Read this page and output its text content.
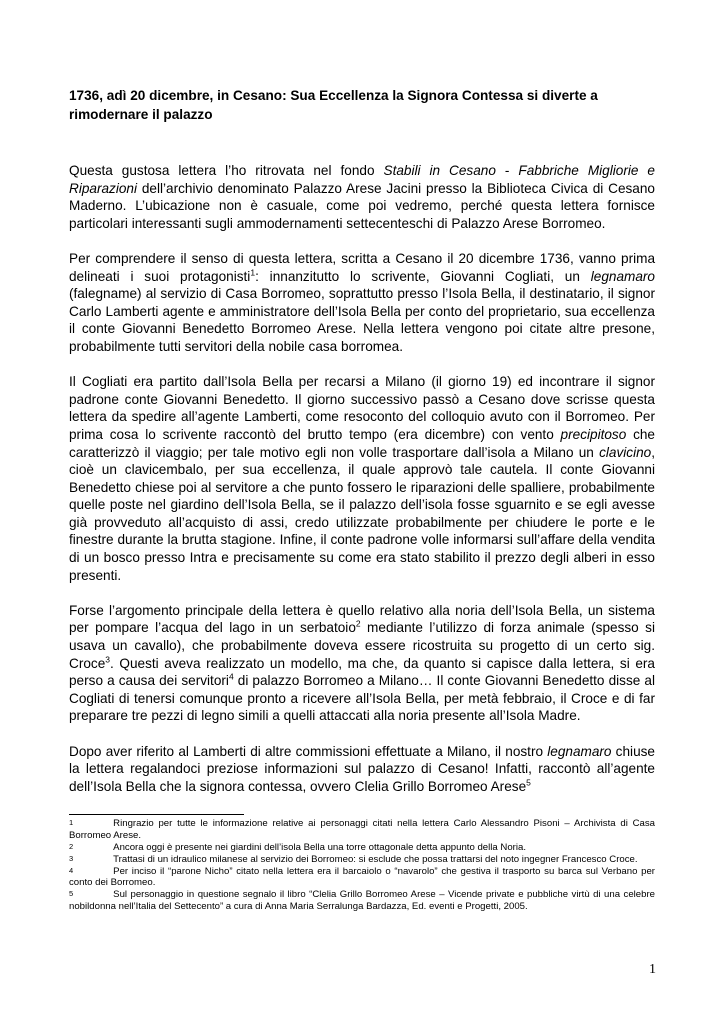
1736, adì 20 dicembre, in Cesano: Sua Eccellenza la Signora Contessa si diverte a rimodernare il palazzo

Questa gustosa lettera l’ho ritrovata nel fondo Stabili in Cesano - Fabbriche Migliorie e Riparazioni dell’archivio denominato Palazzo Arese Jacini presso la Biblioteca Civica di Cesano Maderno. L’ubicazione non è casuale, come poi vedremo, perché questa lettera fornisce particolari interessanti sugli ammodernamenti settecenteschi di Palazzo Arese Borromeo.

Per comprendere il senso di questa lettera, scritta a Cesano il 20 dicembre 1736, vanno prima delineati i suoi protagonisti$^1$: innanzitutto lo scrivente, Giovanni Cogliati, un legnamaro (falegname) al servizio di Casa Borromeo, soprattutto presso l’Isola Bella, il destinatario, il signor Carlo Lamberti agente e amministratore dell’Isola Bella per conto del proprietario, sua eccellenza il conte Giovanni Benedetto Borromeo Arese. Nella lettera vengono poi citate altre presone, probabilmente tutti servitori della nobile casa borromea.

Il Cogliati era partito dall’Isola Bella per recarsi a Milano (il giorno 19) ed incontrare il signor padrone conte Giovanni Benedetto. Il giorno successivo passò a Cesano dove scrisse questa lettera da spedire all’agente Lamberti, come resoconto del colloquio avuto con il Borromeo. Per prima cosa lo scrivente raccontò del brutto tempo (era dicembre) con vento precipitoso che caratterizzò il viaggio; per tale motivo egli non volle trasportare dall’isola a Milano un clavicino, cioè un clavicembalo, per sua eccellenza, il quale approvò tale cautela. Il conte Giovanni Benedetto chiese poi al servitore a che punto fossero le riparazioni delle spalliere, probabilmente quelle poste nel giardino dell’Isola Bella, se il palazzo dell’isola fosse sguarnito e se egli avesse già provveduto all’acquisto di assi, credo utilizzate probabilmente per chiudere le porte e le finestre durante la brutta stagione. Infine, il conte padrone volle informarsi sull’affare della vendita di un bosco presso Intra e precisamente su come era stato stabilito il prezzo degli alberi in esso presenti.

Forse l’argomento principale della lettera è quello relativo alla noria dell’Isola Bella, un sistema per pompare l’acqua del lago in un serbatoio$^2$ mediante l’utilizzo di forza animale (spesso si usava un cavallo), che probabilmente doveva essere ricostruita su progetto di un certo sig. Croce$^3$. Questi aveva realizzato un modello, ma che, da quanto si capisce dalla lettera, si era perso a causa dei servitori$^4$ di palazzo Borromeo a Milano… Il conte Giovanni Benedetto disse al Cogliati di tenersi comunque pronto a ricevere all’Isola Bella, per metà febbraio, il Croce e di far preparare tre pezzi di legno simili a quelli attaccati alla noria presente all’Isola Madre.

Dopo aver riferito al Lamberti di altre commissioni effettuate a Milano, il nostro legnamaro chiuse la lettera regalandoci preziose informazioni sul palazzo di Cesano! Infatti, raccontò all’agente dell’Isola Bella che la signora contessa, ovvero Clelia Grillo Borromeo Arese$^5$

$^1$	Ringrazio per tutte le informazione relative ai personaggi citati nella lettera Carlo Alessandro Pisoni – Archivista di Casa Borromeo Arese.
$^2$	Ancora oggi è presente nei giardini dell’isola Bella una torre ottagonale detta appunto della Noria.
$^3$	Trattasi di un idraulico milanese al servizio dei Borromeo: si esclude che possa trattarsi del noto ingegner Francesco Croce.
$^4$	Per inciso il “parone Nicho” citato nella lettera era il barcaiolo o “navarolo” che gestiva il trasporto su barca sul Verbano per conto dei Borromeo.
$^5$	Sul personaggio in questione segnalo il libro “Clelia Grillo Borromeo Arese – Vicende private e pubbliche virtù di una celebre nobildonna nell’Italia del Settecento” a cura di Anna Maria Serralunga Bardazza, Ed. eventi e Progetti, 2005.
1
